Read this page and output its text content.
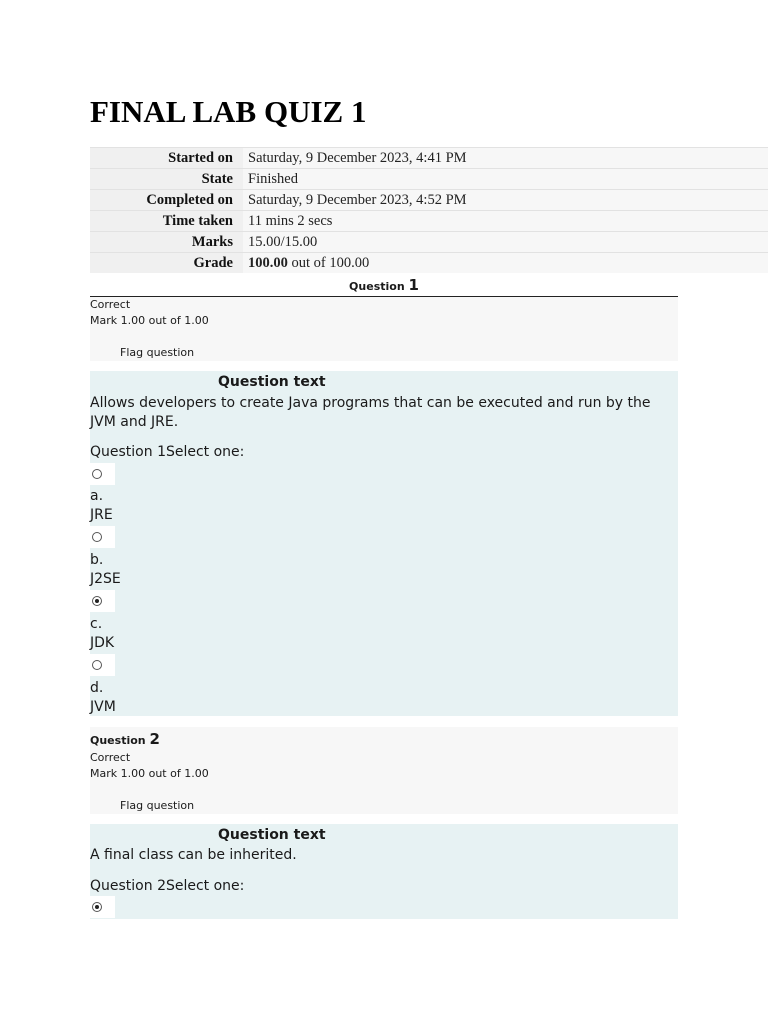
FINAL LAB QUIZ 1
Started on	Saturday, 9 December 2023, 4:41 PM
State	Finished
Completed on	Saturday, 9 December 2023, 4:52 PM
Time taken	11 mins 2 secs
Marks	15.00/15.00
Grade	100.00 out of 100.00
Question 1
Correct
Mark 1.00 out of 1.00
Flag question
Question text
Allows developers to create Java programs that can be executed and run by the JVM and JRE.
Question 1Select one:
a.
JRE
b.
J2SE
c.
JDK
d.
JVM
Question 2
Correct
Mark 1.00 out of 1.00
Flag question
Question text
A final class can be inherited.
Question 2Select one:
